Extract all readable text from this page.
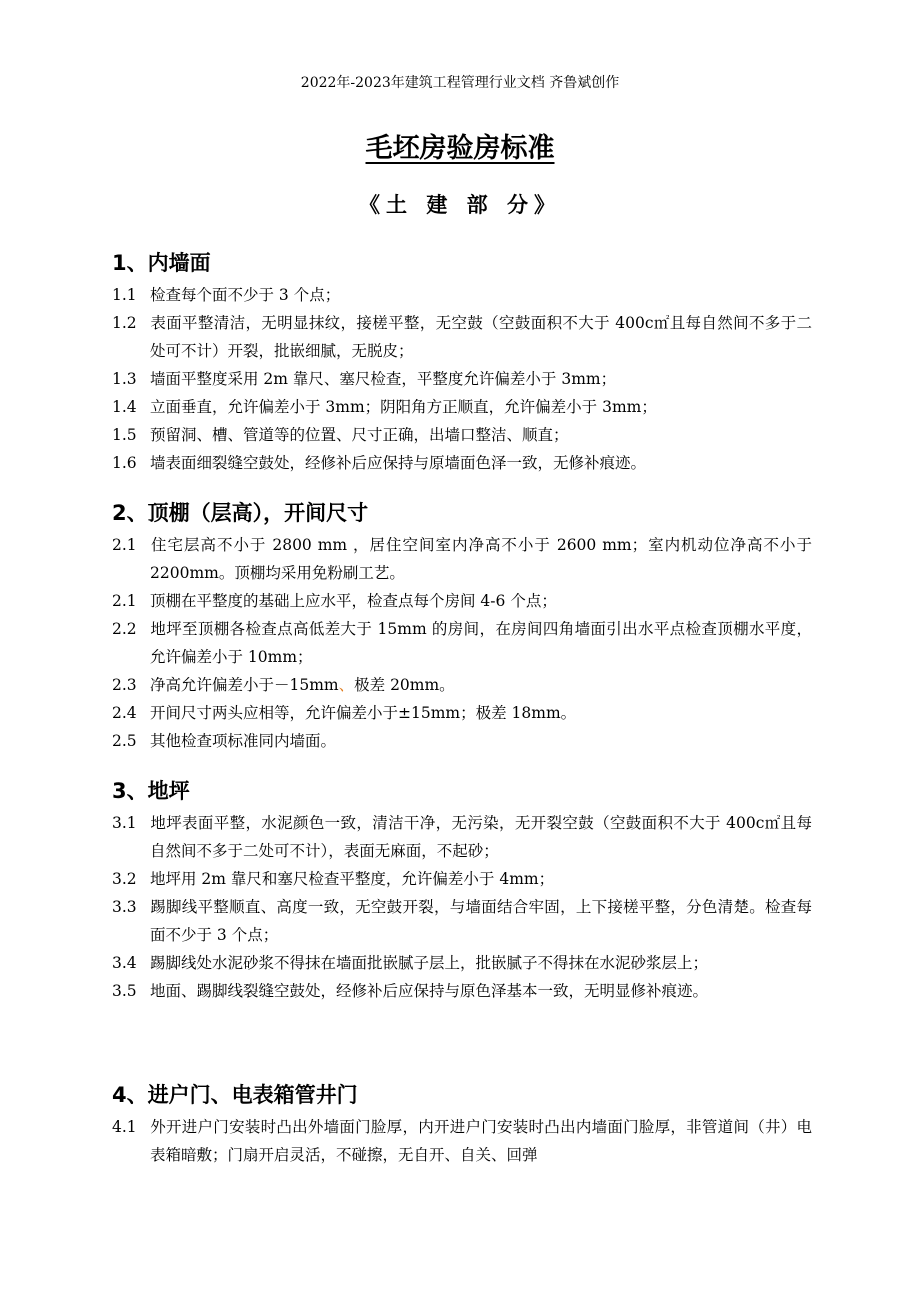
2022年-2023年建筑工程管理行业文档 齐鲁斌创作
毛坯房验房标准
《土 建 部 分》
1、内墙面

1.1 检查每个面不少于 3 个点；

1.2 表面平整清洁，无明显抹纹，接槎平整，无空鼓（空鼓面积不大于 400c㎡且每自然间不多于二处可不计）开裂，批嵌细腻，无脱皮；

1.3 墙面平整度采用 2m 靠尺、塞尺检查，平整度允许偏差小于 3mm；

1.4 立面垂直，允许偏差小于 3mm；阴阳角方正顺直，允许偏差小于 3mm；

1.5 预留洞、槽、管道等的位置、尺寸正确，出墙口整洁、顺直；

1.6 墙表面细裂缝空鼓处，经修补后应保持与原墙面色泽一致，无修补痕迹。

2、顶棚（层高），开间尺寸

2.1 住宅层高不小于 2800 mm ，居住空间室内净高不小于 2600 mm；室内机动位净高不小于 2200mm。顶棚均采用免粉刷工艺。

2.1 顶棚在平整度的基础上应水平，检查点每个房间 4-6 个点；

2.2 地坪至顶棚各检查点高低差大于 15mm 的房间，在房间四角墙面引出水平点检查顶棚水平度，允许偏差小于 10mm；

2.3 净高允许偏差小于－15mm、极差 20mm。

2.4 开间尺寸两头应相等，允许偏差小于±15mm；极差 18mm。

2.5 其他检查项标准同内墙面。

3、地坪

3.1 地坪表面平整，水泥颜色一致，清洁干净，无污染，无开裂空鼓（空鼓面积不大于 400c㎡且每自然间不多于二处可不计），表面无麻面，不起砂；

3.2 地坪用 2m 靠尺和塞尺检查平整度，允许偏差小于 4mm；

3.3 踢脚线平整顺直、高度一致，无空鼓开裂，与墙面结合牢固，上下接槎平整，分色清楚。检查每面不少于 3 个点；

3.4 踢脚线处水泥砂浆不得抹在墙面批嵌腻子层上，批嵌腻子不得抹在水泥砂浆层上；

3.5 地面、踢脚线裂缝空鼓处，经修补后应保持与原色泽基本一致，无明显修补痕迹。

4、进户门、电表箱管井门

4.1 外开进户门安装时凸出外墙面门脸厚，内开进户门安装时凸出内墙面门脸厚，非管道间（井）电表箱暗敷；门扇开启灵活，不碰擦，无自开、自关、回弹
